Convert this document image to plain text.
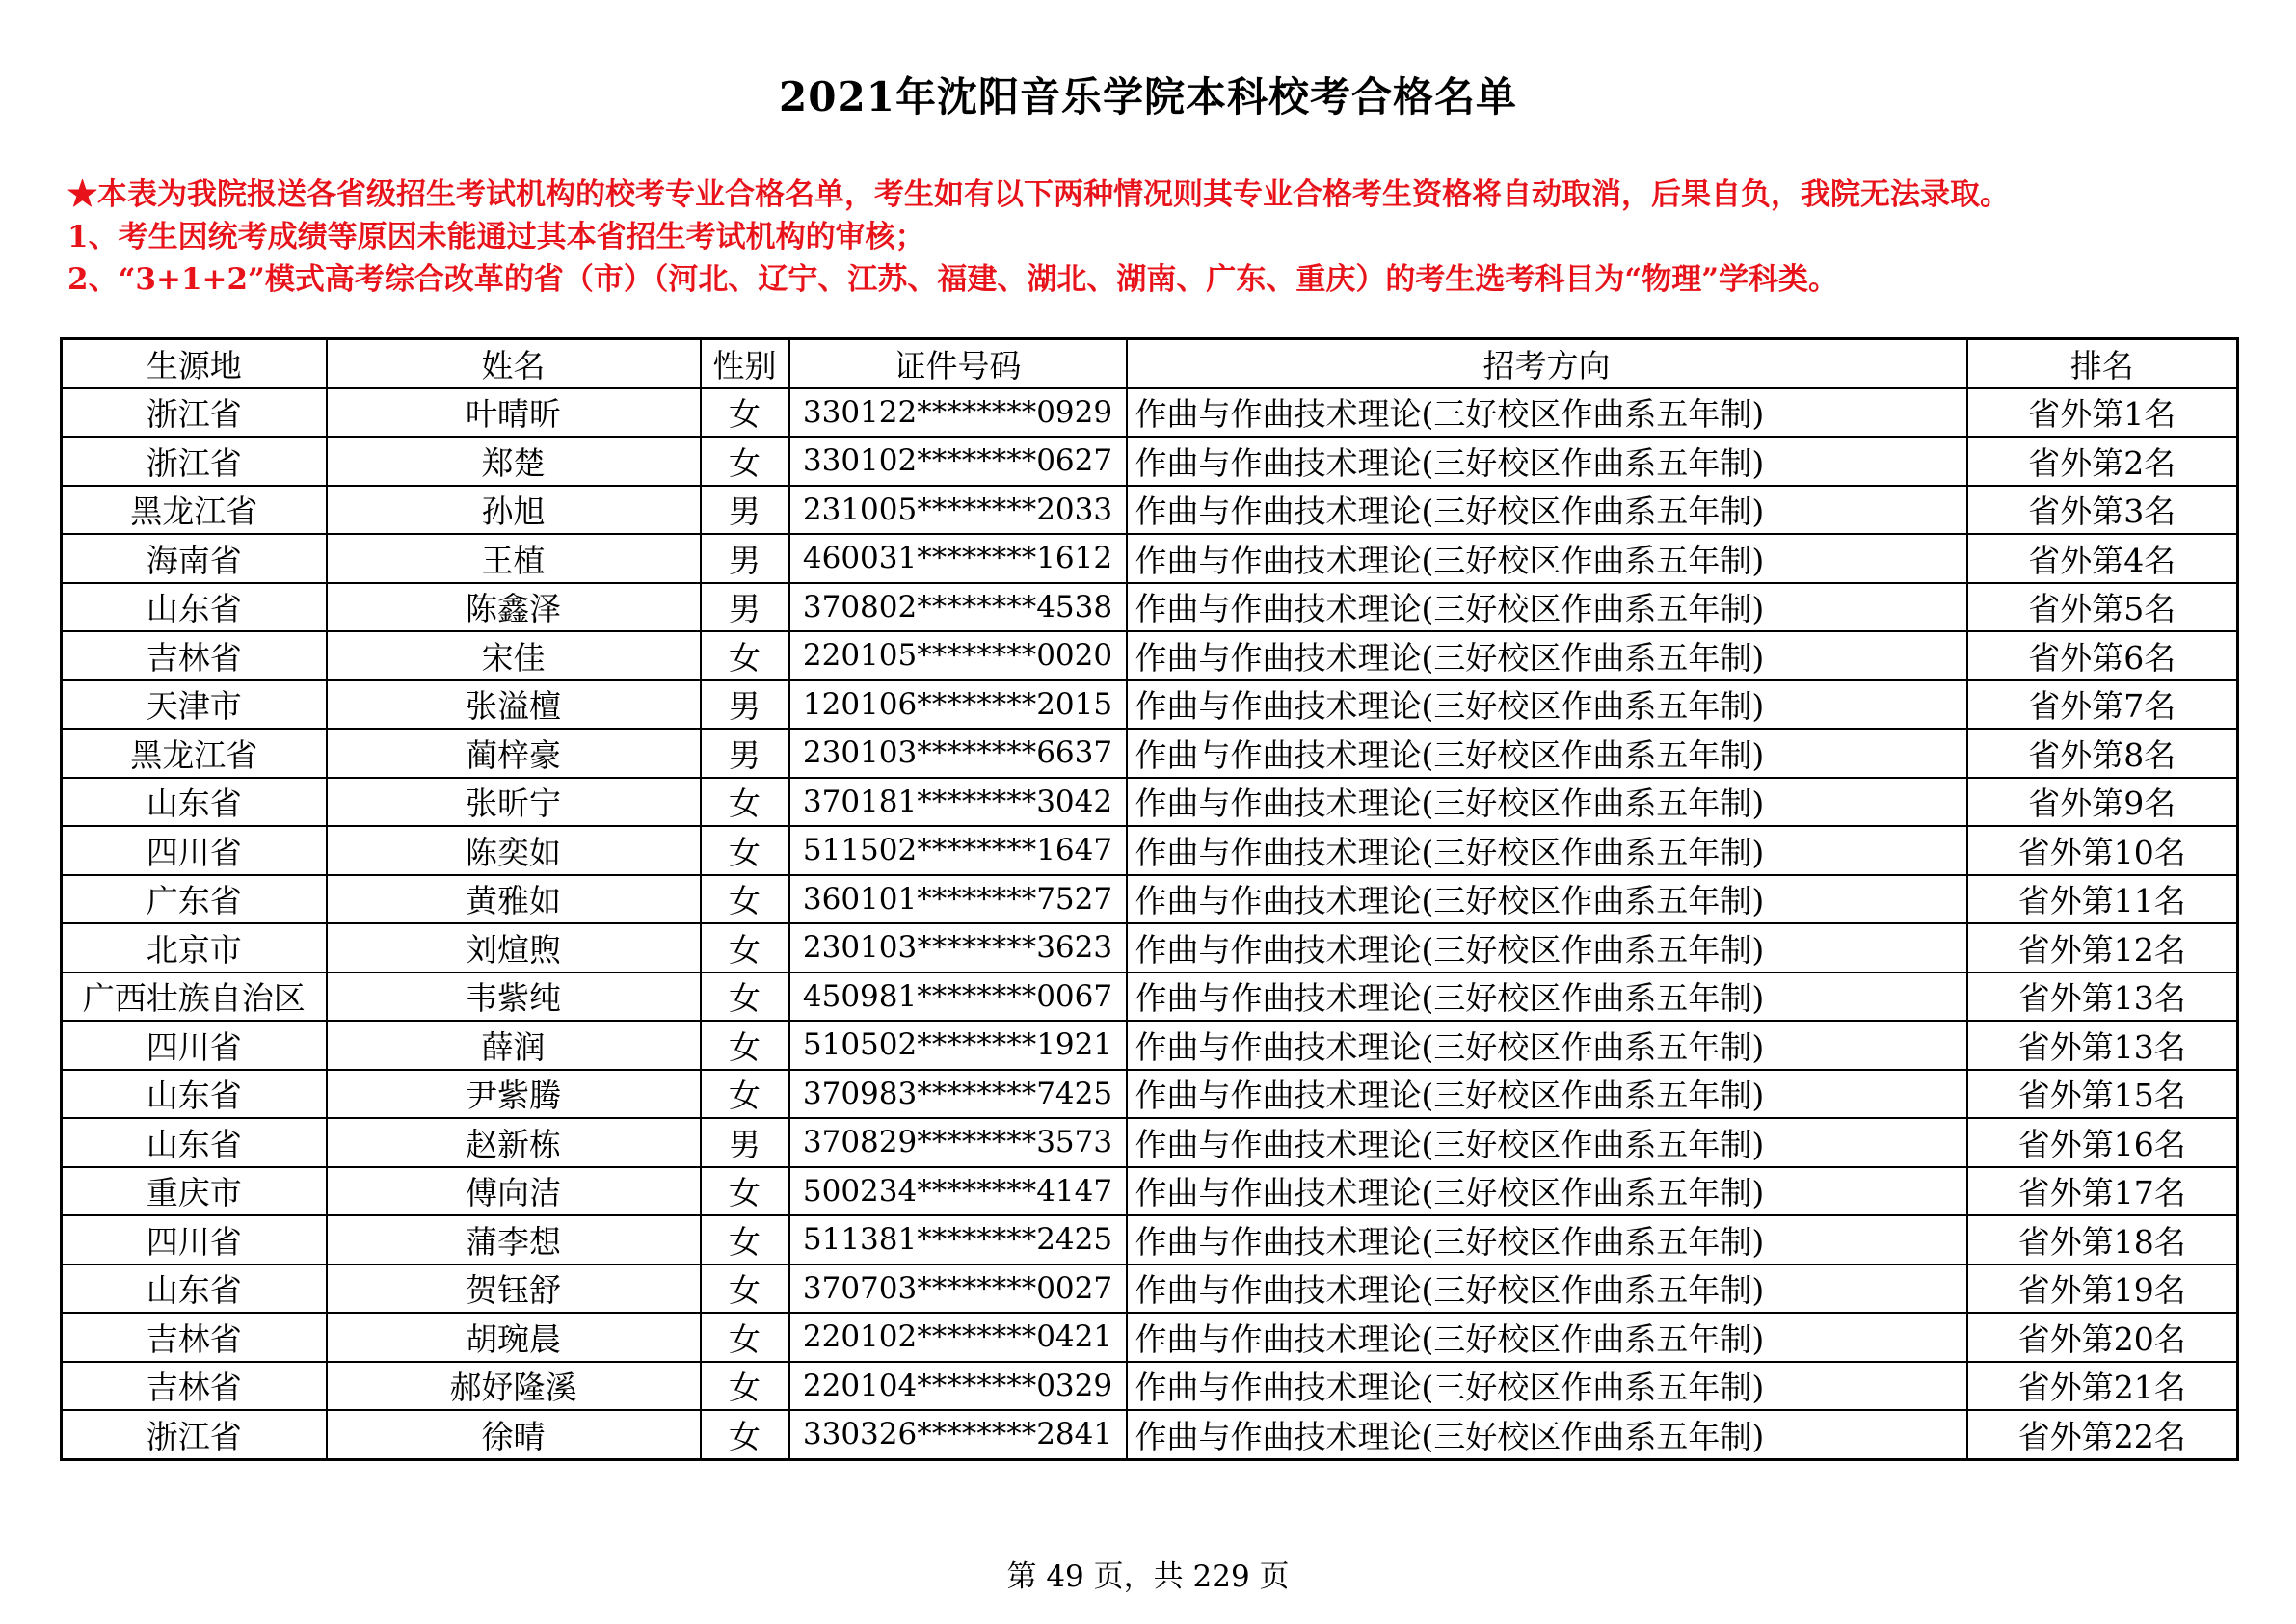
2021年沈阳音乐学院本科校考合格名单
★本表为我院报送各省级招生考试机构的校考专业合格名单，考生如有以下两种情况则其专业合格考生资格将自动取消，后果自负，我院无法录取。
1、考生因统考成绩等原因未能通过其本省招生考试机构的审核；
2、“3+1+2”模式高考综合改革的省（市）（河北、辽宁、江苏、福建、湖北、湖南、广东、重庆）的考生选考科目为“物理”学科类。
生源地	姓名	性别	证件号码	招考方向	排名
浙江省	叶晴昕	女	330122********0929	作曲与作曲技术理论(三好校区作曲系五年制)	省外第1名
浙江省	郑楚	女	330102********0627	作曲与作曲技术理论(三好校区作曲系五年制)	省外第2名
黑龙江省	孙旭	男	231005********2033	作曲与作曲技术理论(三好校区作曲系五年制)	省外第3名
海南省	王植	男	460031********1612	作曲与作曲技术理论(三好校区作曲系五年制)	省外第4名
山东省	陈鑫泽	男	370802********4538	作曲与作曲技术理论(三好校区作曲系五年制)	省外第5名
吉林省	宋佳	女	220105********0020	作曲与作曲技术理论(三好校区作曲系五年制)	省外第6名
天津市	张溢檀	男	120106********2015	作曲与作曲技术理论(三好校区作曲系五年制)	省外第7名
黑龙江省	蔺梓豪	男	230103********6637	作曲与作曲技术理论(三好校区作曲系五年制)	省外第8名
山东省	张昕宁	女	370181********3042	作曲与作曲技术理论(三好校区作曲系五年制)	省外第9名
四川省	陈奕如	女	511502********1647	作曲与作曲技术理论(三好校区作曲系五年制)	省外第10名
广东省	黄雅如	女	360101********7527	作曲与作曲技术理论(三好校区作曲系五年制)	省外第11名
北京市	刘煊煦	女	230103********3623	作曲与作曲技术理论(三好校区作曲系五年制)	省外第12名
广西壮族自治区	韦紫纯	女	450981********0067	作曲与作曲技术理论(三好校区作曲系五年制)	省外第13名
四川省	薛润	女	510502********1921	作曲与作曲技术理论(三好校区作曲系五年制)	省外第13名
山东省	尹紫腾	女	370983********7425	作曲与作曲技术理论(三好校区作曲系五年制)	省外第15名
山东省	赵新栋	男	370829********3573	作曲与作曲技术理论(三好校区作曲系五年制)	省外第16名
重庆市	傅向洁	女	500234********4147	作曲与作曲技术理论(三好校区作曲系五年制)	省外第17名
四川省	蒲李想	女	511381********2425	作曲与作曲技术理论(三好校区作曲系五年制)	省外第18名
山东省	贺钰舒	女	370703********0027	作曲与作曲技术理论(三好校区作曲系五年制)	省外第19名
吉林省	胡琬晨	女	220102********0421	作曲与作曲技术理论(三好校区作曲系五年制)	省外第20名
吉林省	郝妤隆溪	女	220104********0329	作曲与作曲技术理论(三好校区作曲系五年制)	省外第21名
浙江省	徐晴	女	330326********2841	作曲与作曲技术理论(三好校区作曲系五年制)	省外第22名
第 49 页，共 229 页
